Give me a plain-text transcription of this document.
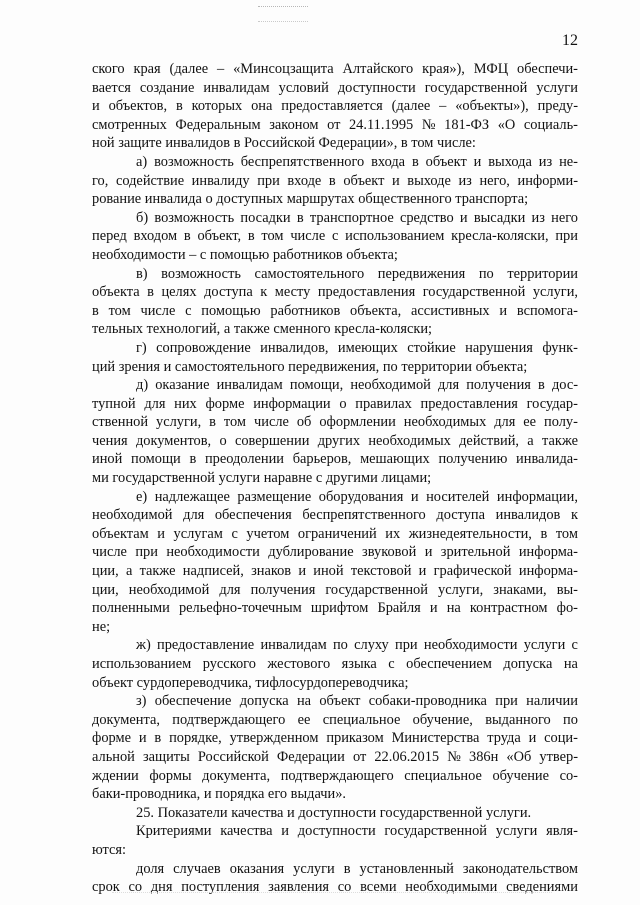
12
ского края (далее – «Минсоцзащита Алтайского края»), МФЦ обеспечи-
вается создание инвалидам условий доступности государственной услуги
и объектов, в которых она предоставляется (далее – «объекты»), преду-
смотренных Федеральным законом от 24.11.1995 № 181-ФЗ «О социаль-
ной защите инвалидов в Российской Федерации», в том числе:
а) возможность беспрепятственного входа в объект и выхода из не-
го, содействие инвалиду при входе в объект и выходе из него, информи-
рование инвалида о доступных маршрутах общественного транспорта;
б) возможность посадки в транспортное средство и высадки из него
перед входом в объект, в том числе с использованием кресла-коляски, при
необходимости – с помощью работников объекта;
в) возможность самостоятельного передвижения по территории
объекта в целях доступа к месту предоставления государственной услуги,
в том числе с помощью работников объекта, ассистивных и вспомога-
тельных технологий, а также сменного кресла-коляски;
г) сопровождение инвалидов, имеющих стойкие нарушения функ-
ций зрения и самостоятельного передвижения, по территории объекта;
д) оказание инвалидам помощи, необходимой для получения в дос-
тупной для них форме информации о правилах предоставления государ-
ственной услуги, в том числе об оформлении необходимых для ее полу-
чения документов, о совершении других необходимых действий, а также
иной помощи в преодолении барьеров, мешающих получению инвалида-
ми государственной услуги наравне с другими лицами;
е) надлежащее размещение оборудования и носителей информации,
необходимой для обеспечения беспрепятственного доступа инвалидов к
объектам и услугам с учетом ограничений их жизнедеятельности, в том
числе при необходимости дублирование звуковой и зрительной информа-
ции, а также надписей, знаков и иной текстовой и графической информа-
ции, необходимой для получения государственной услуги, знаками, вы-
полненными рельефно-точечным шрифтом Брайля и на контрастном фо-
не;
ж) предоставление инвалидам по слуху при необходимости услуги с
использованием русского жестового языка с обеспечением допуска на
объект сурдопереводчика, тифлосурдопереводчика;
з) обеспечение допуска на объект собаки-проводника при наличии
документа, подтверждающего ее специальное обучение, выданного по
форме и в порядке, утвержденном приказом Министерства труда и соци-
альной защиты Российской Федерации от 22.06.2015 № 386н «Об утвер-
ждении формы документа, подтверждающего специальное обучение со-
баки-проводника, и порядка его выдачи».
25. Показатели качества и доступности государственной услуги.
Критериями качества и доступности государственной услуги явля-
ются:
доля случаев оказания услуги в установленный законодательством
срок со дня поступления заявления со всеми необходимыми сведениями
